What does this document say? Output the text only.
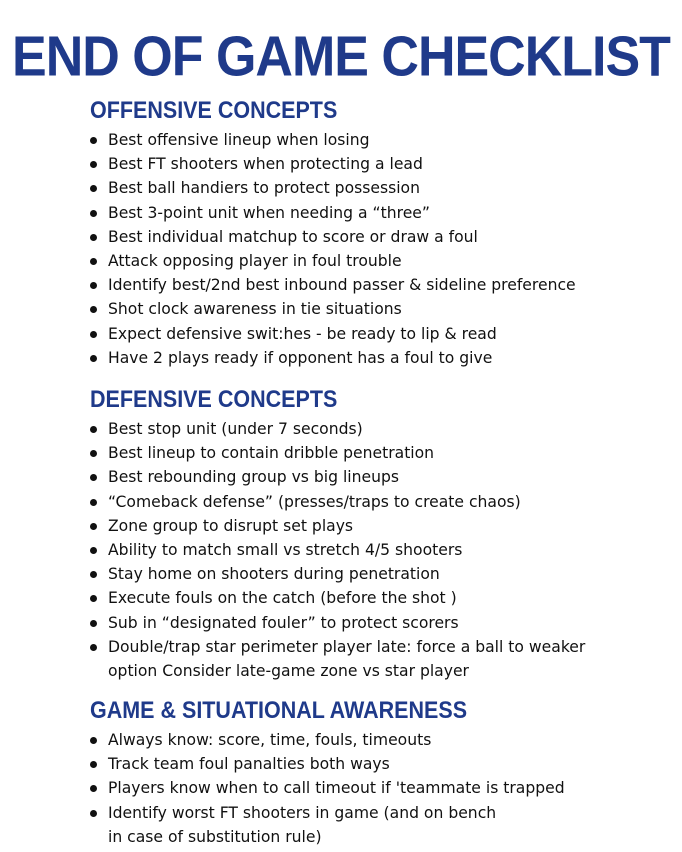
END OF GAME CHECKLIST
OFFENSIVE CONCEPTS
Best offensive lineup when losing
Best FT shooters when protecting a lead
Best ball handiers to protect possession
Best 3-point unit when needing a “three”
Best individual matchup to score or draw a foul
Attack opposing player in foul trouble
Identify best/2nd best inbound passer & sideline preference
Shot clock awareness in tie situations
Expect defensive swit:hes - be ready to lip & read
Have 2 plays ready if opponent has a foul to give
DEFENSIVE CONCEPTS
Best stop unit (under 7 seconds)
Best lineup to contain dribble penetration
Best rebounding group vs big lineups
“Comeback defense” (presses/traps to create chaos)
Zone group to disrupt set plays
Ability to match small vs stretch 4/5 shooters
Stay home on shooters during penetration
Execute fouls on the catch (before the shot )
Sub in “designated fouler” to protect scorers
Double/trap star perimeter player late: force a ball to weaker
option Consider late-game zone vs star player
GAME & SITUATIONAL AWARENESS
Always know: score, time, fouls, timeouts
Track team foul panalties both ways
Players know when to call timeout if 'teammate is trapped
Identify worst FT shooters in game (and on bench
in case of substitution rule)
